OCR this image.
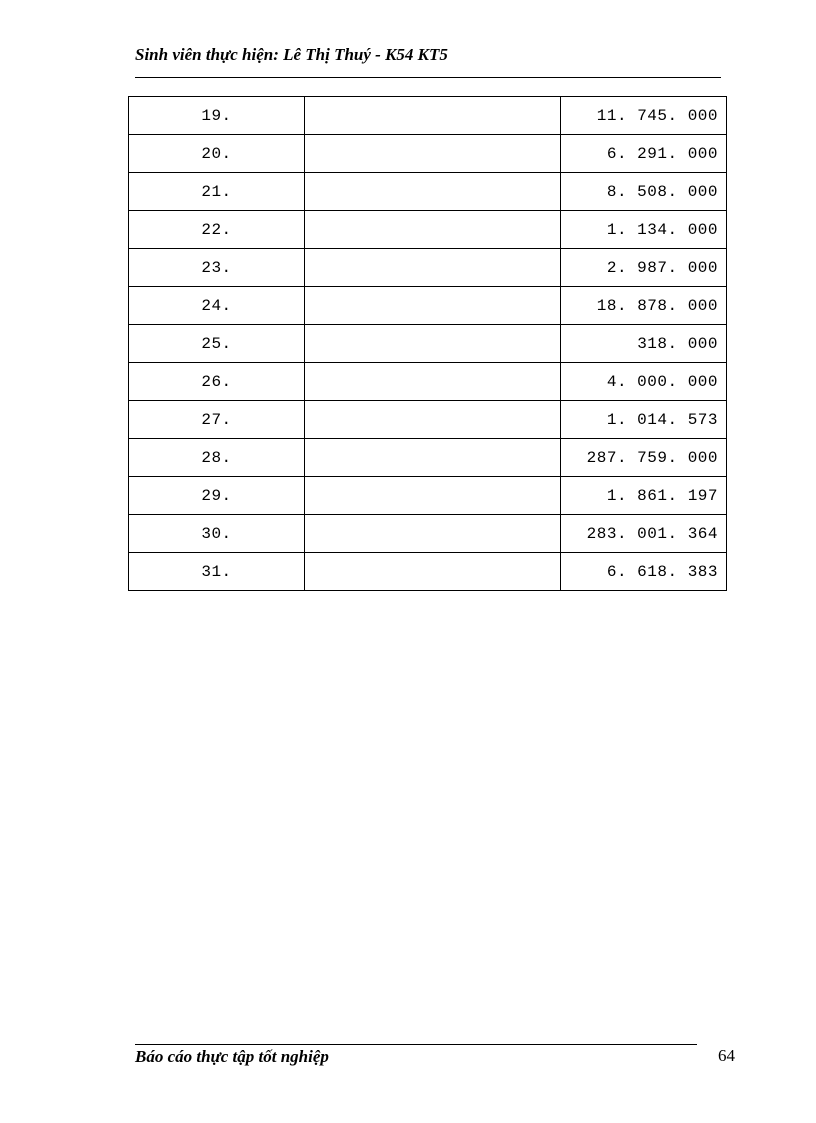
Sinh viên thực hiện: Lê Thị Thuý - K54 KT5
19.		11. 745. 000
20.		6. 291. 000
21.		8. 508. 000
22.		1. 134. 000
23.		2. 987. 000
24.		18. 878. 000
25.		318. 000
26.		4. 000. 000
27.		1. 014. 573
28.		287. 759. 000
29.		1. 861. 197
30.		283. 001. 364
31.		6. 618. 383
Báo cáo thực tập tốt nghiệp	64
